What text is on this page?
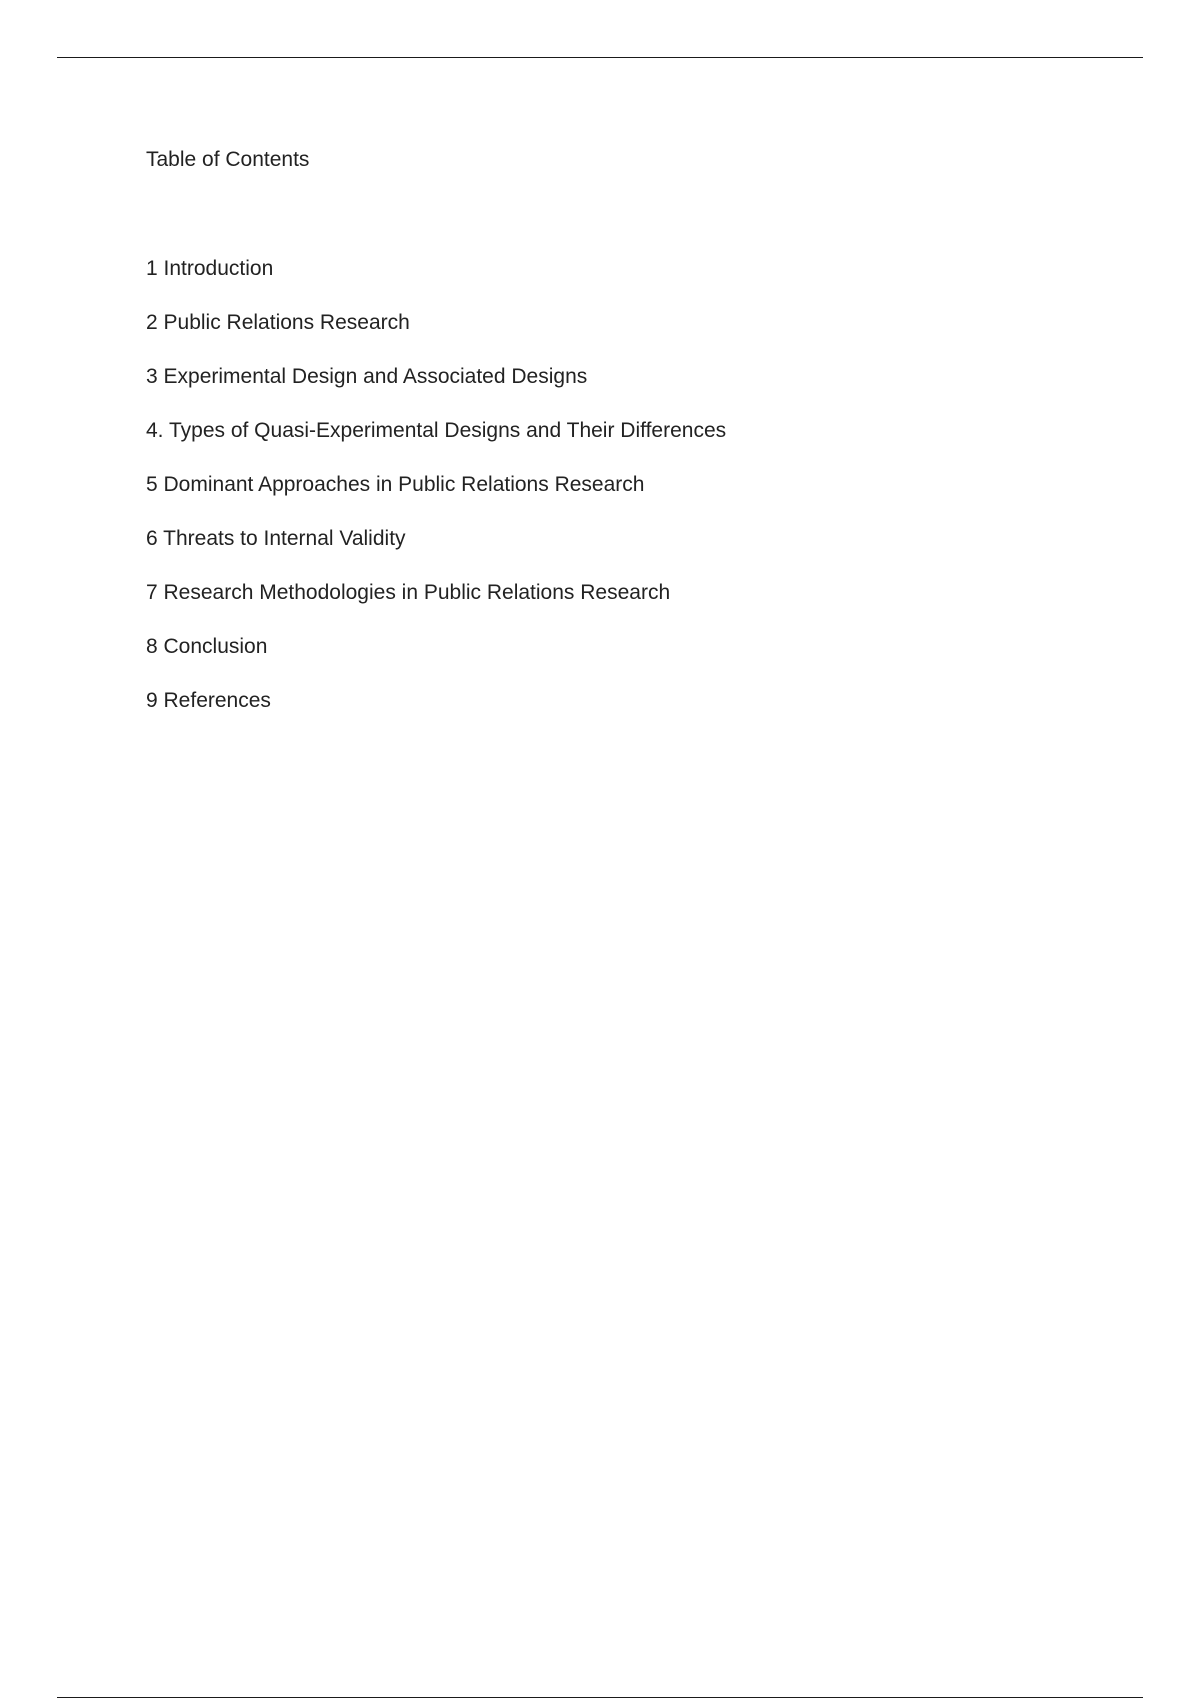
Table of Contents
1 Introduction
2 Public Relations Research
3 Experimental Design and Associated Designs
4. Types of Quasi-Experimental Designs and Their Differences
5 Dominant Approaches in Public Relations Research
6 Threats to Internal Validity
7 Research Methodologies in Public Relations Research
8 Conclusion
9 References
